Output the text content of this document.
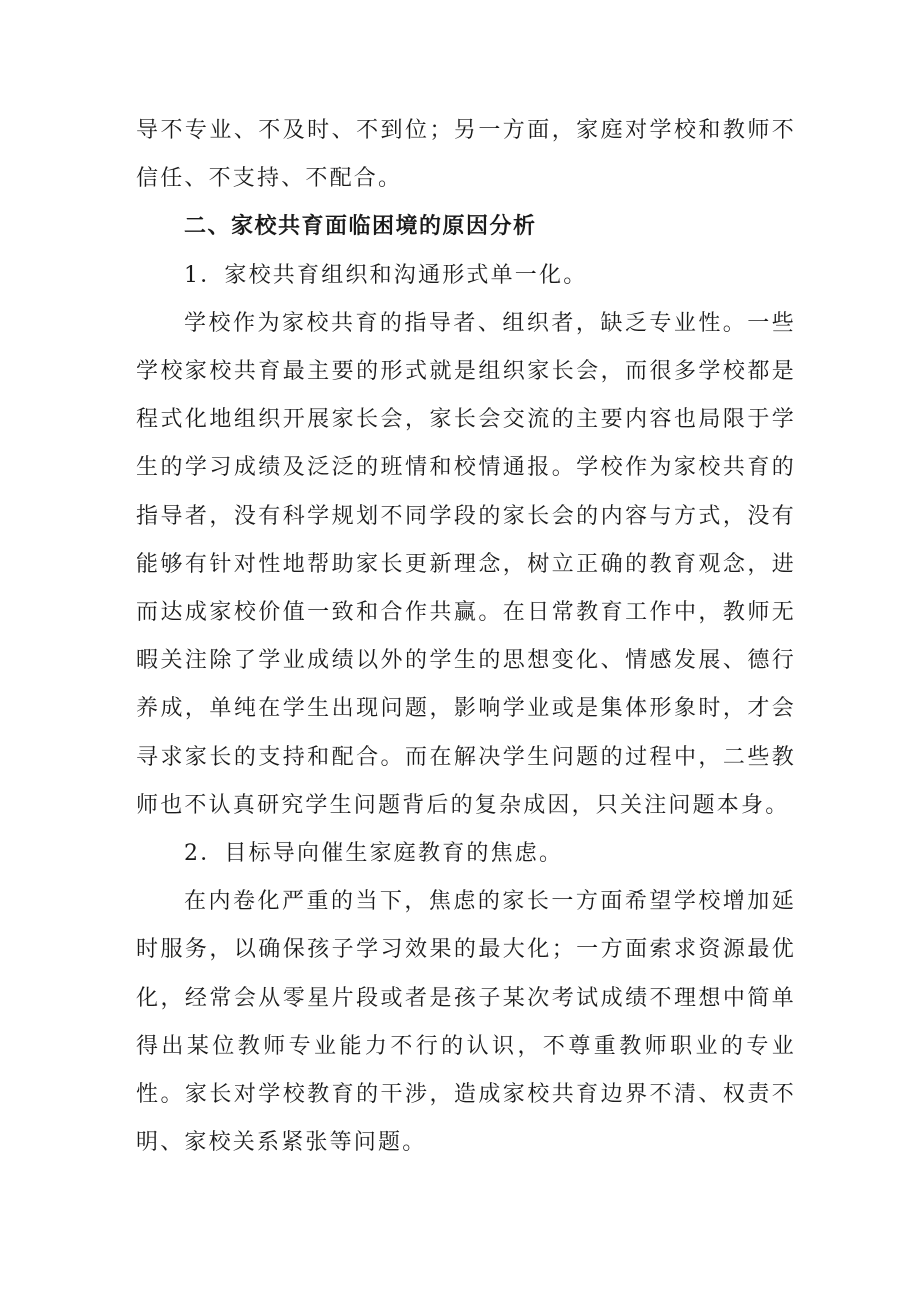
导不专业、不及时、不到位；另一方面，家庭对学校和教师不信任、不支持、不配合。

二、家校共育面临困境的原因分析

1．家校共育组织和沟通形式单一化。

学校作为家校共育的指导者、组织者，缺乏专业性。一些学校家校共育最主要的形式就是组织家长会，而很多学校都是程式化地组织开展家长会，家长会交流的主要内容也局限于学生的学习成绩及泛泛的班情和校情通报。学校作为家校共育的指导者，没有科学规划不同学段的家长会的内容与方式，没有能够有针对性地帮助家长更新理念，树立正确的教育观念，进而达成家校价值一致和合作共赢。在日常教育工作中，教师无暇关注除了学业成绩以外的学生的思想变化、情感发展、德行养成，单纯在学生出现问题，影响学业或是集体形象时，才会寻求家长的支持和配合。而在解决学生问题的过程中，二些教师也不认真研究学生问题背后的复杂成因，只关注问题本身。

2．目标导向催生家庭教育的焦虑。

在内卷化严重的当下，焦虑的家长一方面希望学校增加延时服务，以确保孩子学习效果的最大化；一方面索求资源最优化，经常会从零星片段或者是孩子某次考试成绩不理想中简单得出某位教师专业能力不行的认识，不尊重教师职业的专业性。家长对学校教育的干涉，造成家校共育边界不清、权责不明、家校关系紧张等问题。
